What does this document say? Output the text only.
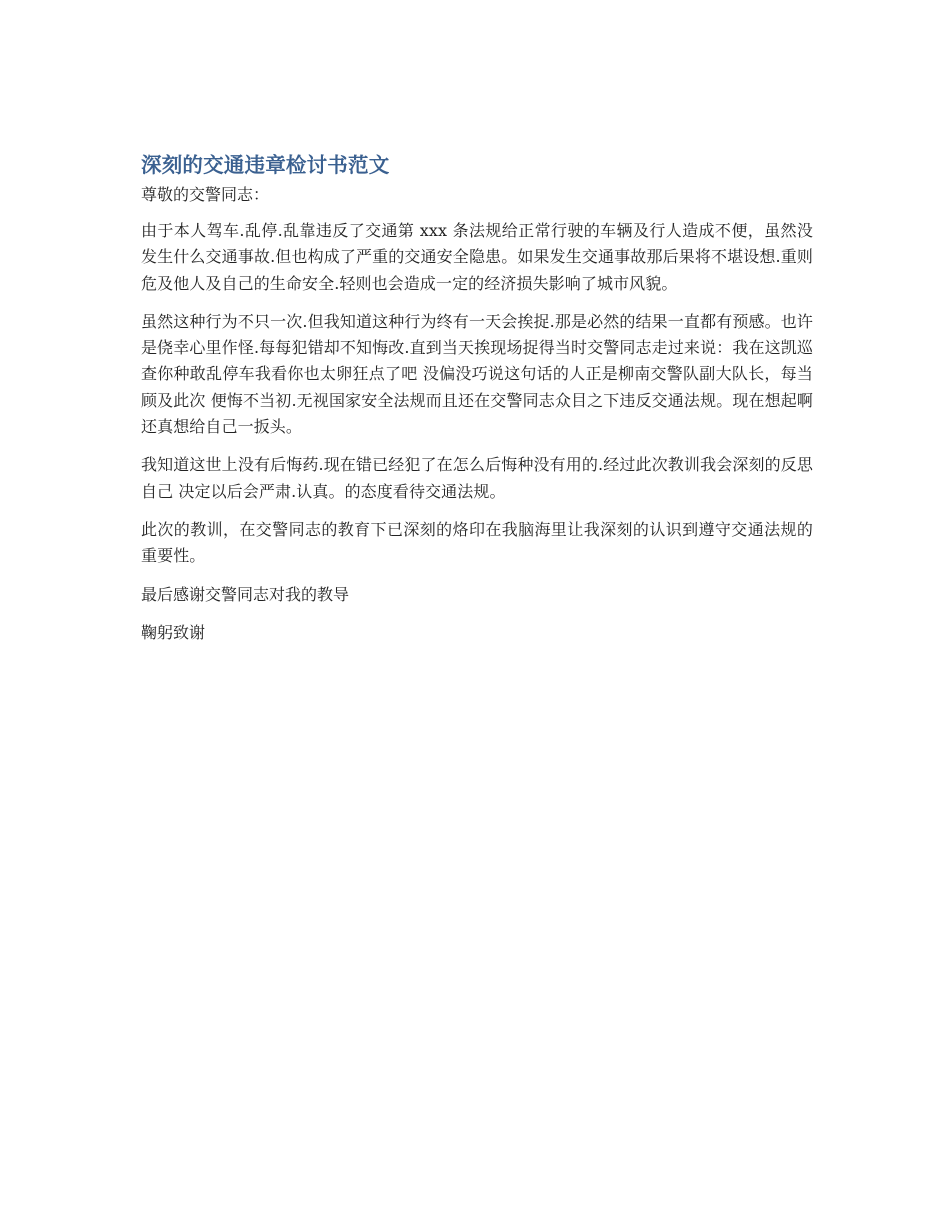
深刻的交通违章检讨书范文

尊敬的交警同志：

由于本人驾车.乱停.乱靠违反了交通第 xxx 条法规给正常行驶的车辆及行人造成不便，虽然没发生什么交通事故.但也构成了严重的交通安全隐患。如果发生交通事故那后果将不堪设想.重则危及他人及自己的生命安全.轻则也会造成一定的经济损失影响了城市风貌。

虽然这种行为不只一次.但我知道这种行为终有一天会挨捉.那是必然的结果一直都有预感。也许是侥幸心里作怪.每每犯错却不知悔改.直到当天挨现场捉得当时交警同志走过来说：我在这凯巡查你种敢乱停车我看你也太卵狂点了吧 没偏没巧说这句话的人正是柳南交警队副大队长，每当顾及此次 便悔不当初.无视国家安全法规而且还在交警同志众目之下违反交通法规。现在想起啊还真想给自己一扳头。

我知道这世上没有后悔药.现在错已经犯了在怎么后悔种没有用的.经过此次教训我会深刻的反思自己 决定以后会严肃.认真。的态度看待交通法规。

此次的教训，在交警同志的教育下已深刻的烙印在我脑海里让我深刻的认识到遵守交通法规的重要性。

最后感谢交警同志对我的教导

鞠躬致谢
